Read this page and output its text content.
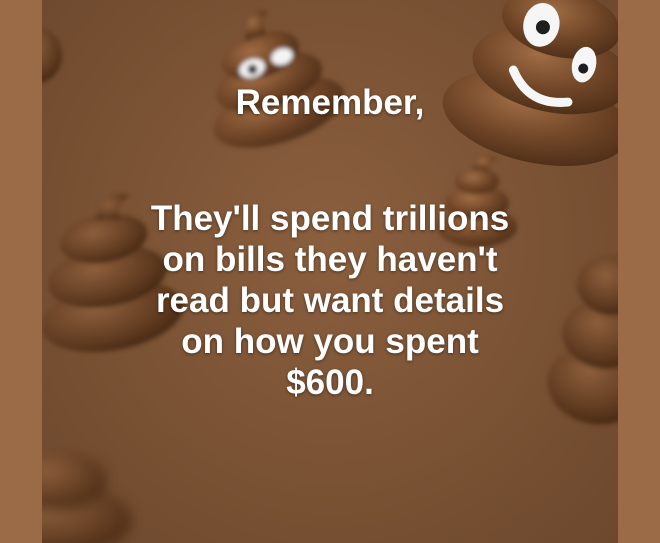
Remember,
They'll spend trillions
on bills they haven't
read but want details
on how you spent
$600.
